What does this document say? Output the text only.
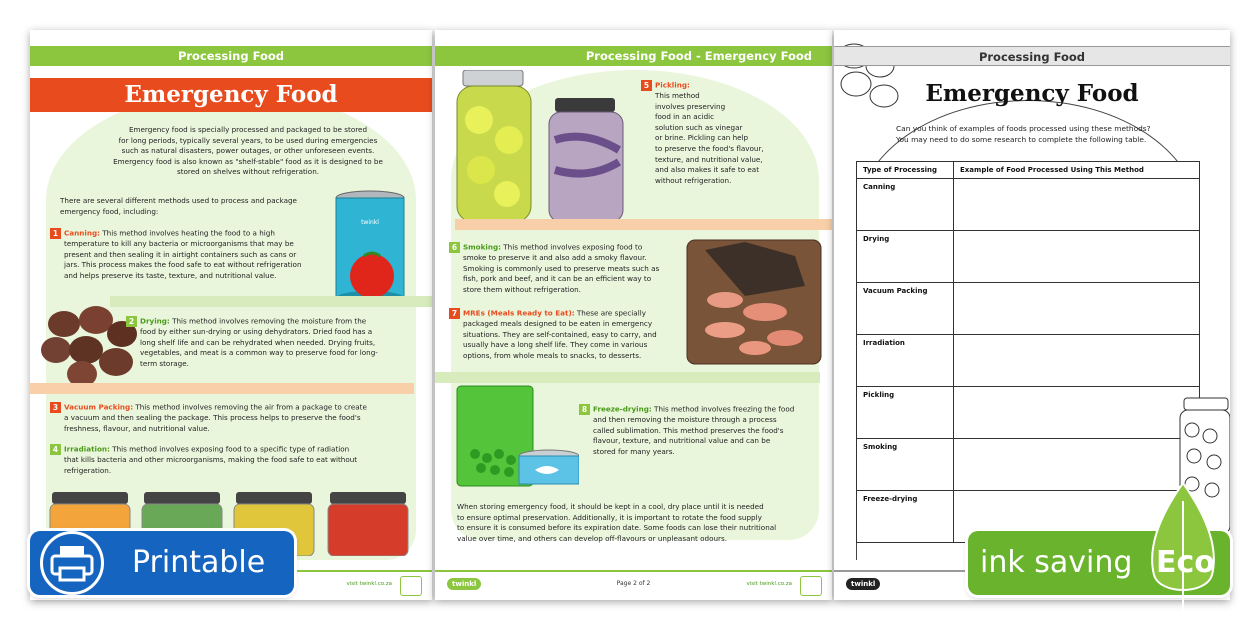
Processing Food
Emergency Food
Emergency food is specially processed and packaged to be stored
for long periods, typically several years, to be used during emergencies
such as natural disasters, power outages, or other unforeseen events.
Emergency food is also known as "shelf-stable" food as it is designed to be
stored on shelves without refrigeration.
There are several different methods used to process and package
emergency food, including:
twinkl
1 Canning: This method involves heating the food to a high
temperature to kill any bacteria or microorganisms that may be
present and then sealing it in airtight containers such as cans or
jars. This process makes the food safe to eat without refrigeration
and helps preserve its taste, texture, and nutritional value.
2 Drying: This method involves removing the moisture from the
food by either sun-drying or using dehydrators. Dried food has a
long shelf life and can be rehydrated when needed. Drying fruits,
vegetables, and meat is a common way to preserve food for long-
term storage.
3 Vacuum Packing: This method involves removing the air from a package to create
a vacuum and then sealing the package. This process helps to preserve the food's
freshness, flavour, and nutritional value.
4 Irradiation: This method involves exposing food to a specific type of radiation
that kills bacteria and other microorganisms, making the food safe to eat without
refrigeration.
visit twinkl.co.za
Processing Food - Emergency Food
5 Pickling:
This method
involves preserving
food in an acidic
solution such as vinegar
or brine. Pickling can help
to preserve the food's flavour,
texture, and nutritional value,
and also makes it safe to eat
without refrigeration.
6 Smoking: This method involves exposing food to
smoke to preserve it and also add a smoky flavour.
Smoking is commonly used to preserve meats such as
fish, pork and beef, and it can be an efficient way to
store them without refrigeration.
7 MREs (Meals Ready to Eat): These are specially
packaged meals designed to be eaten in emergency
situations. They are self-contained, easy to carry, and
usually have a long shelf life. They come in various
options, from whole meals to snacks, to desserts.
8 Freeze-drying: This method involves freezing the food
and then removing the moisture through a process
called sublimation. This method preserves the food's
flavour, texture, and nutritional value and can be
stored for many years.
When storing emergency food, it should be kept in a cool, dry place until it is needed
to ensure optimal preservation. Additionally, it is important to rotate the food supply
to ensure it is consumed before its expiration date. Some foods can lose their nutritional
value over time, and others can develop off-flavours or unpleasant odours.
twinkl	Page 2 of 2	visit twinkl.co.za
Processing Food
Emergency Food
Can you think of examples of foods processed using these methods?
You may need to do some research to complete the following table.
Type of Processing	Example of Food Processed Using This Method
Canning	
Drying	
Vacuum Packing	
Irradiation	
Pickling	
Smoking	
Freeze-drying	
twinkl
Printable	ink saving Eco
